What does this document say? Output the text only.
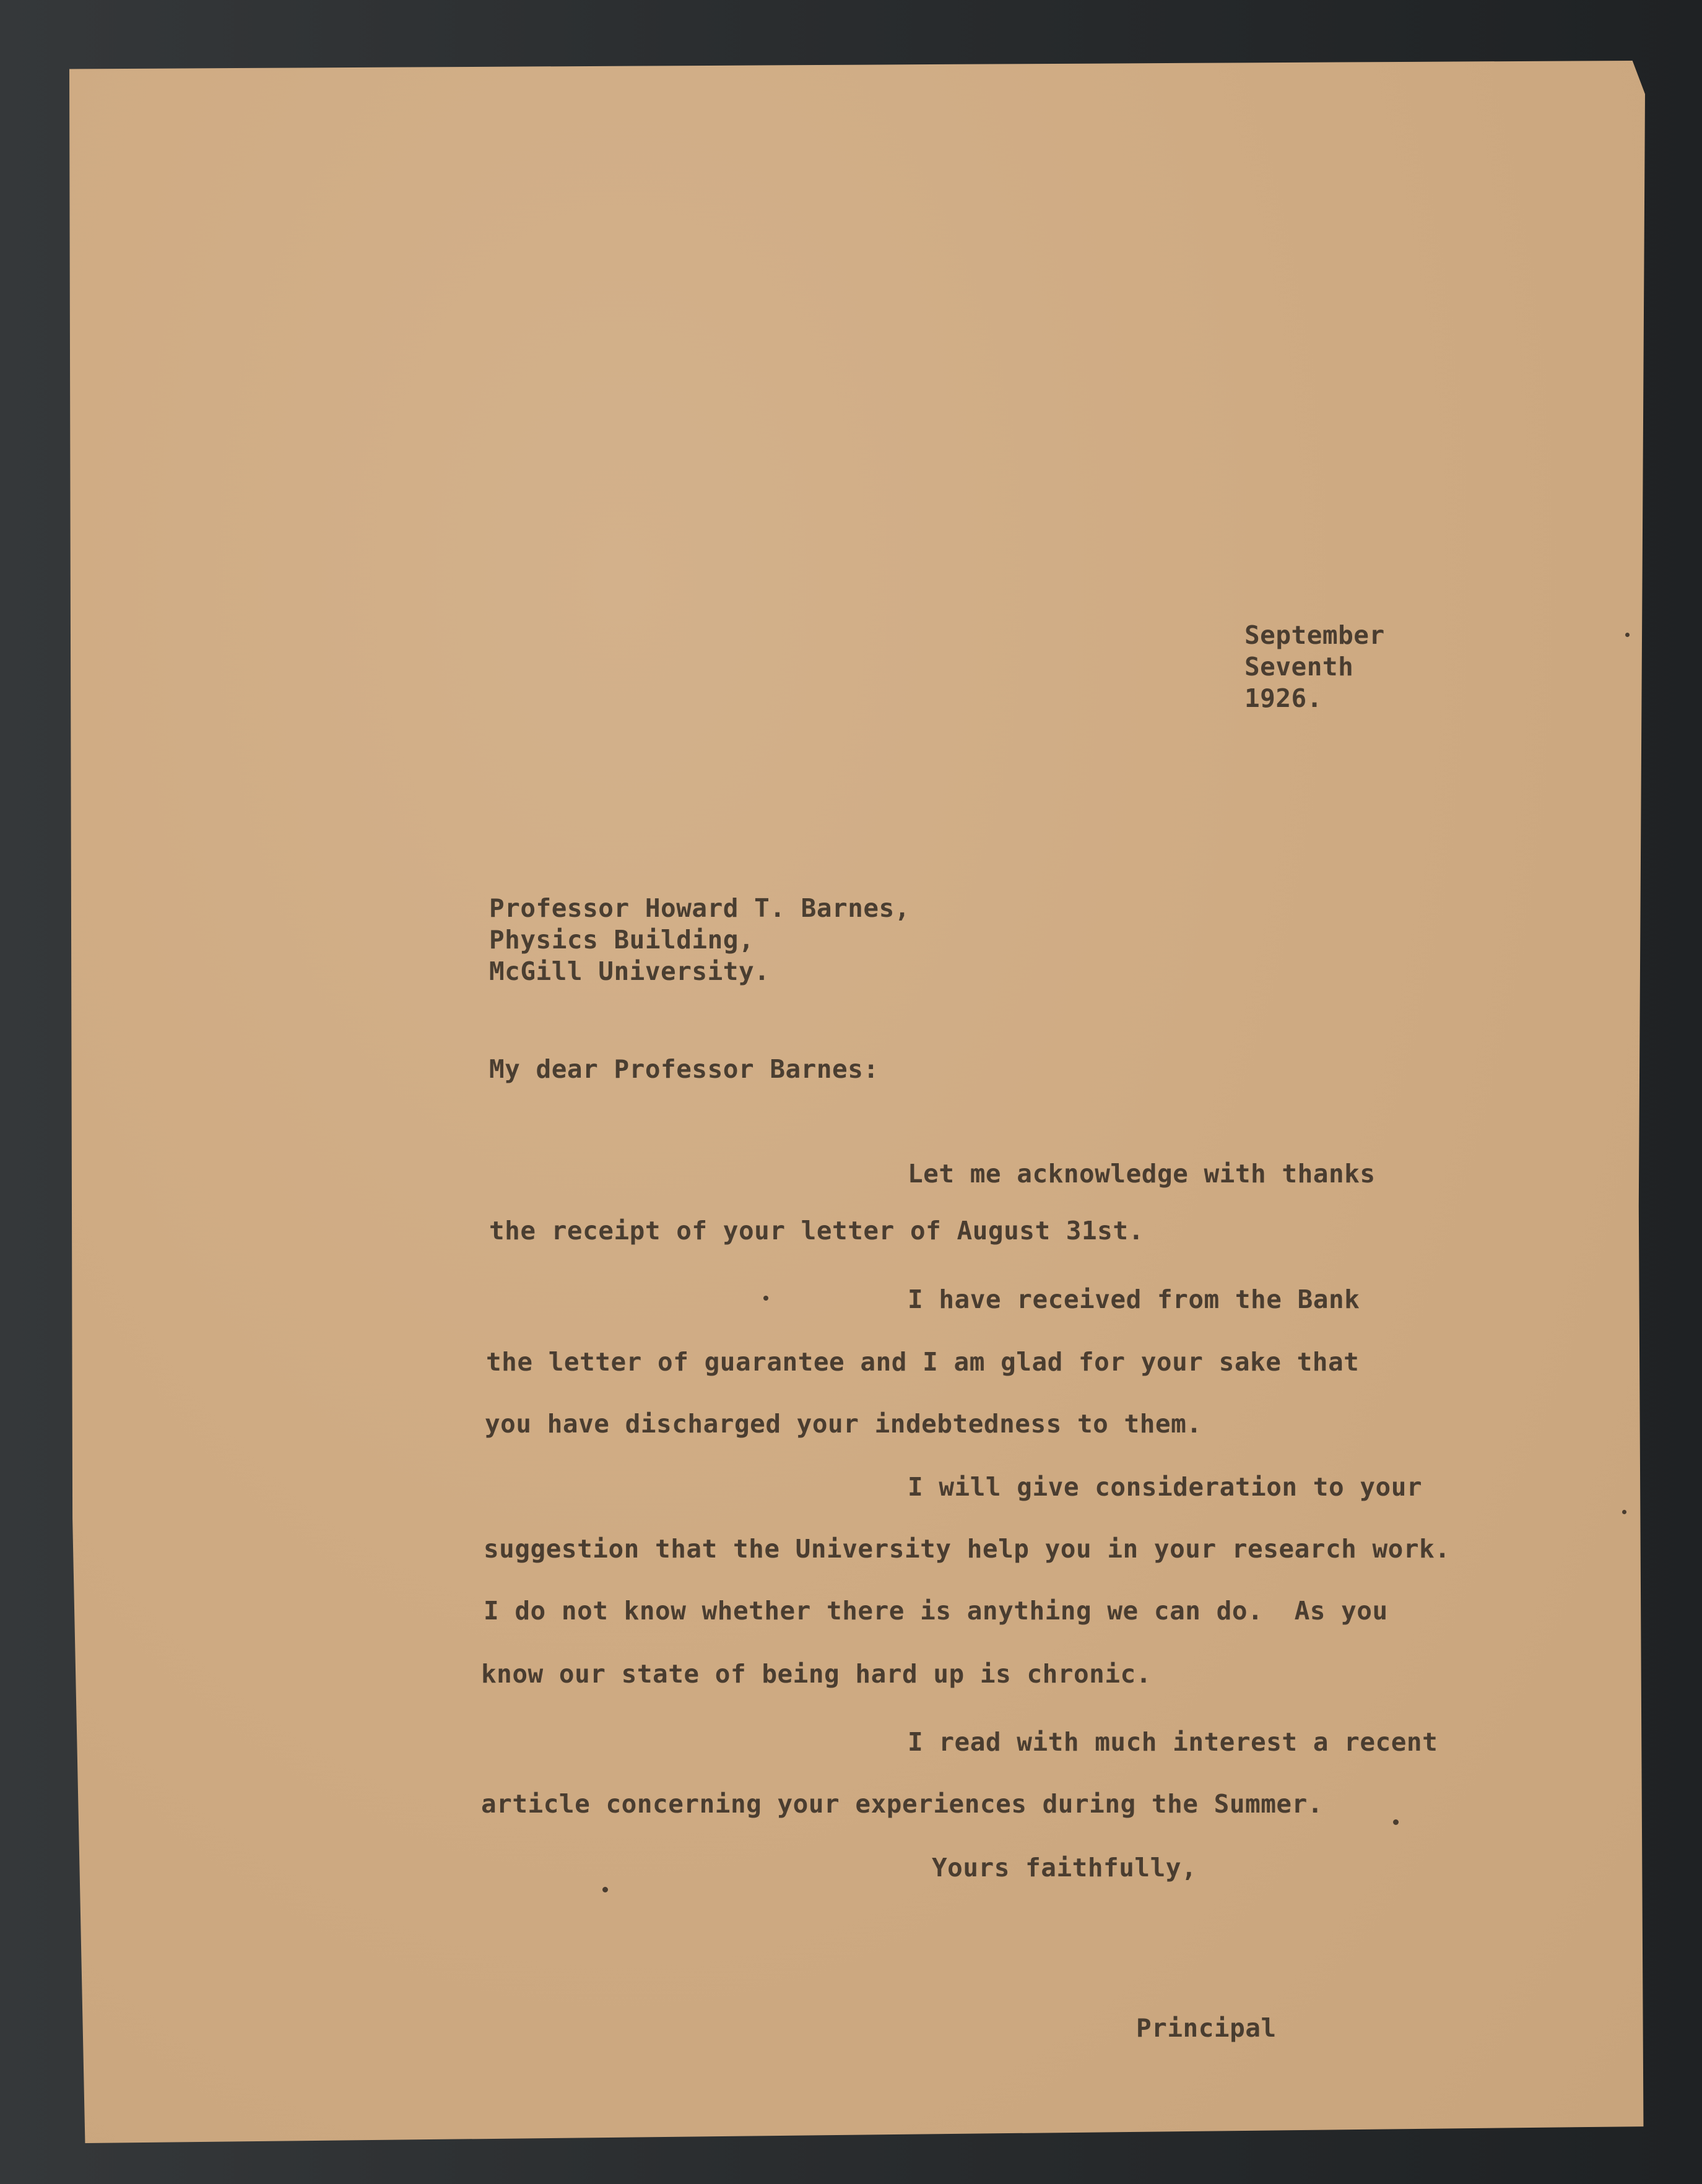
September
Seventh
1926.
Professor Howard T. Barnes,
Physics Building,
McGill University.
My dear Professor Barnes:
Let me acknowledge with thanks
the receipt of your letter of August 31st.
I have received from the Bank
the letter of guarantee and I am glad for your sake that
you have discharged your indebtedness to them.
I will give consideration to your
suggestion that the University help you in your research work.
I do not know whether there is anything we can do.  As you
know our state of being hard up is chronic.
I read with much interest a recent
article concerning your experiences during the Summer.
Yours faithfully,
Principal
